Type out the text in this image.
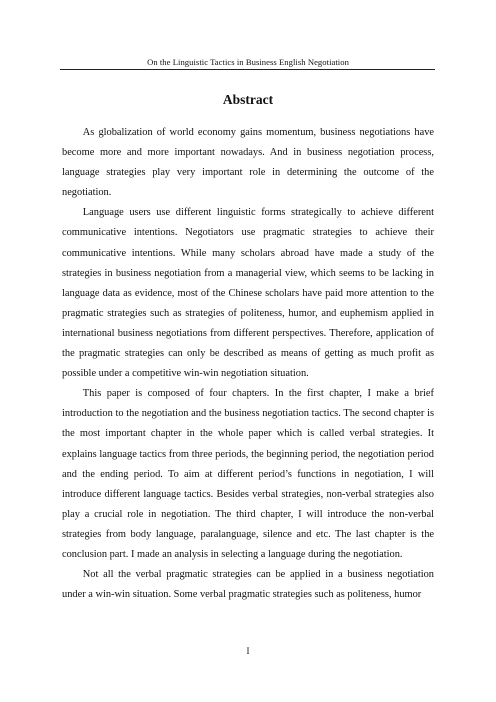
On the Linguistic Tactics in Business English Negotiation
Abstract

As globalization of world economy gains momentum, business negotiations have become more and more important nowadays. And in business negotiation process, language strategies play very important role in determining the outcome of the negotiation.

Language users use different linguistic forms strategically to achieve different communicative intentions. Negotiators use pragmatic strategies to achieve their communicative intentions. While many scholars abroad have made a study of the strategies in business negotiation from a managerial view, which seems to be lacking in language data as evidence, most of the Chinese scholars have paid more attention to the pragmatic strategies such as strategies of politeness, humor, and euphemism applied in international business negotiations from different perspectives. Therefore, application of the pragmatic strategies can only be described as means of getting as much profit as possible under a competitive win-win negotiation situation.

This paper is composed of four chapters. In the first chapter, I make a brief introduction to the negotiation and the business negotiation tactics. The second chapter is the most important chapter in the whole paper which is called verbal strategies. It explains language tactics from three periods, the beginning period, the negotiation period and the ending period. To aim at different period’s functions in negotiation, I will introduce different language tactics. Besides verbal strategies, non-verbal strategies also play a crucial role in negotiation. The third chapter, I will introduce the non-verbal strategies from body language, paralanguage, silence and etc. The last chapter is the conclusion part. I made an analysis in selecting a language during the negotiation.

Not all the verbal pragmatic strategies can be applied in a business negotiation under a win-win situation. Some verbal pragmatic strategies such as politeness, humor

I
